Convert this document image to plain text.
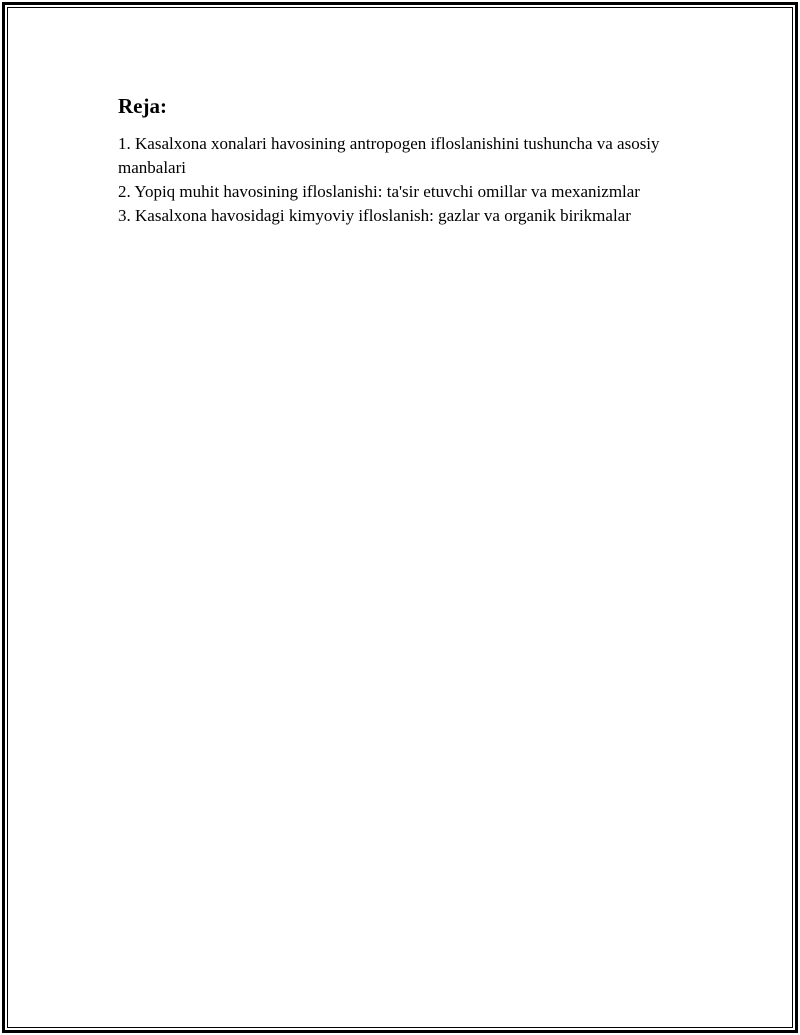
Reja:
1. Kasalxona xonalari havosining antropogen ifloslanishini tushuncha va asosiy manbalari
2. Yopiq muhit havosining ifloslanishi: ta'sir etuvchi omillar va mexanizmlar
3. Kasalxona havosidagi kimyoviy ifloslanish: gazlar va organik birikmalar
